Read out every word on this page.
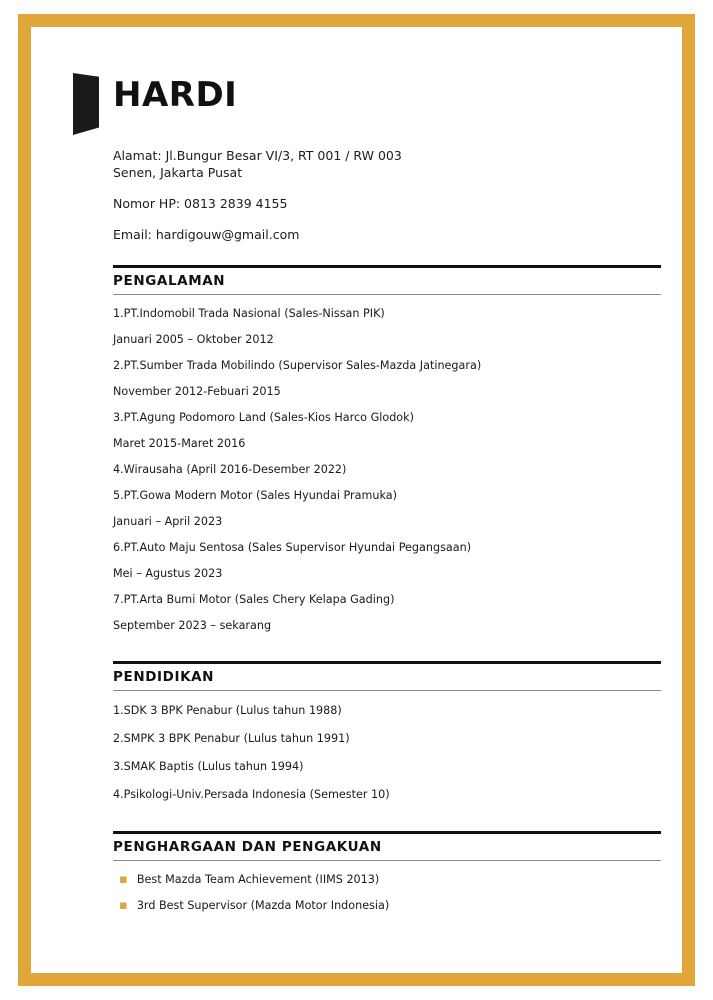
HARDI
Alamat: Jl.Bungur Besar VI/3, RT 001 / RW 003
Senen, Jakarta Pusat
Nomor HP: 0813 2839 4155
Email: hardigouw@gmail.com
PENGALAMAN
1.PT.Indomobil Trada Nasional (Sales-Nissan PIK)
Januari 2005 – Oktober 2012
2.PT.Sumber Trada Mobilindo (Supervisor Sales-Mazda Jatinegara)
November 2012-Febuari 2015
3.PT.Agung Podomoro Land (Sales-Kios Harco Glodok)
Maret 2015-Maret 2016
4.Wirausaha (April 2016-Desember 2022)
5.PT.Gowa Modern Motor (Sales Hyundai Pramuka)
Januari – April 2023
6.PT.Auto Maju Sentosa (Sales Supervisor Hyundai Pegangsaan)
Mei – Agustus 2023
7.PT.Arta Bumi Motor (Sales Chery Kelapa Gading)
September 2023 – sekarang
PENDIDIKAN
1.SDK 3 BPK Penabur (Lulus tahun 1988)
2.SMPK 3 BPK Penabur (Lulus tahun 1991)
3.SMAK Baptis (Lulus tahun 1994)
4.Psikologi-Univ.Persada Indonesia (Semester 10)
PENGHARGAAN DAN PENGAKUAN
▪ Best Mazda Team Achievement (IIMS 2013)
▪ 3rd Best Supervisor (Mazda Motor Indonesia)
